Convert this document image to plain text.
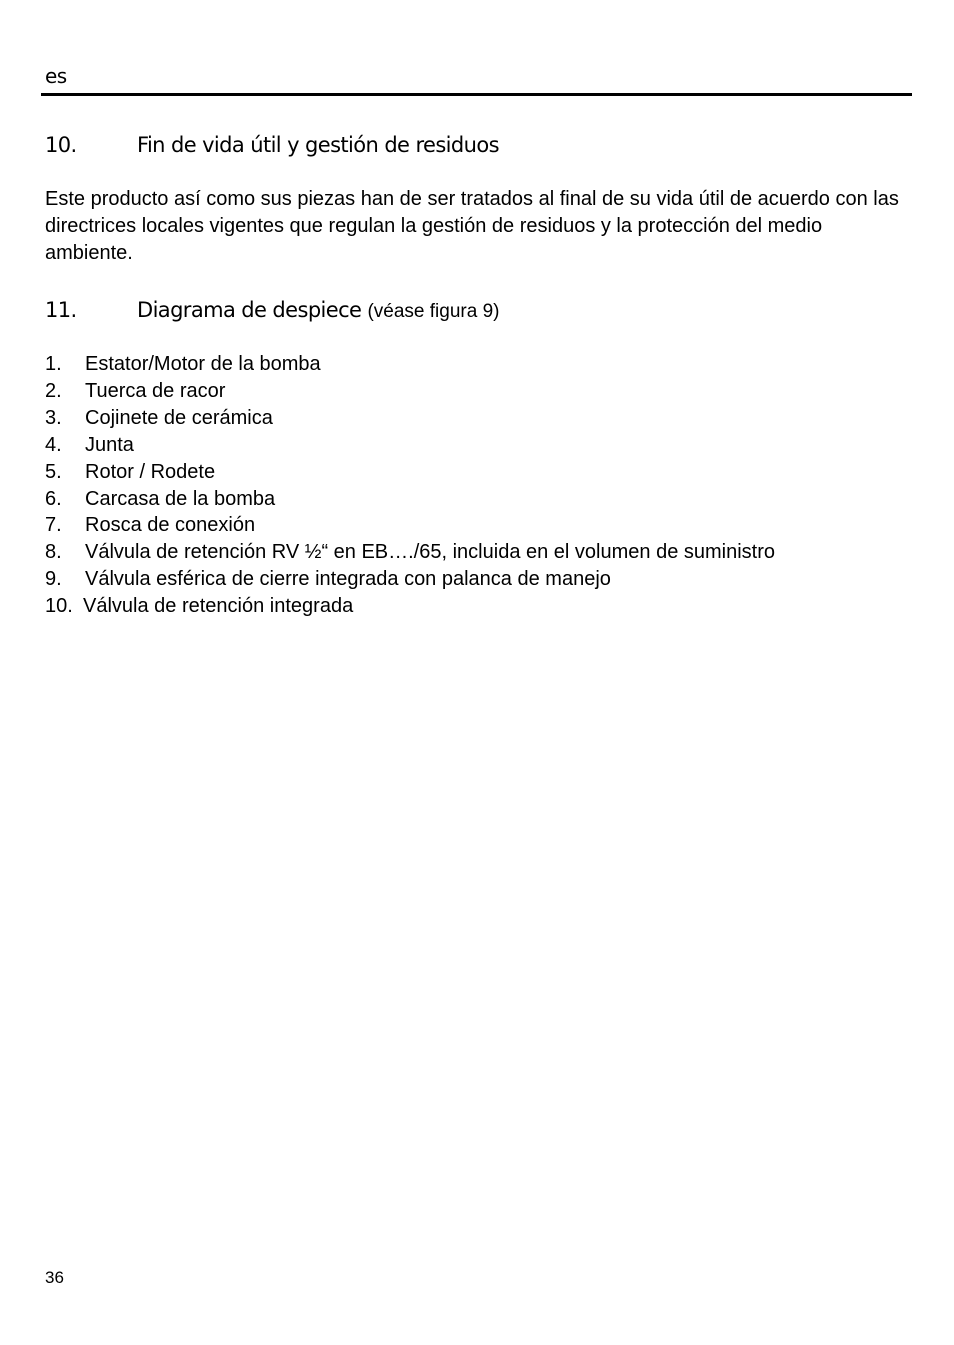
es
10.	Fin de vida útil y gestión de residuos

Este producto así como sus piezas han de ser tratados al final de su vida útil de acuerdo con las directrices locales vigentes que regulan la gestión de residuos y la protección del medio ambiente.

11.	Diagrama de despiece (véase figura 9)
1. Estator/Motor de la bomba
2. Tuerca de racor
3. Cojinete de cerámica
4. Junta
5. Rotor / Rodete
6. Carcasa de la bomba
7. Rosca de conexión
8. Válvula de retención RV ½“ en EB…./65, incluida en el volumen de suministro
9. Válvula esférica de cierre integrada con palanca de manejo
10. Válvula de retención integrada
36
